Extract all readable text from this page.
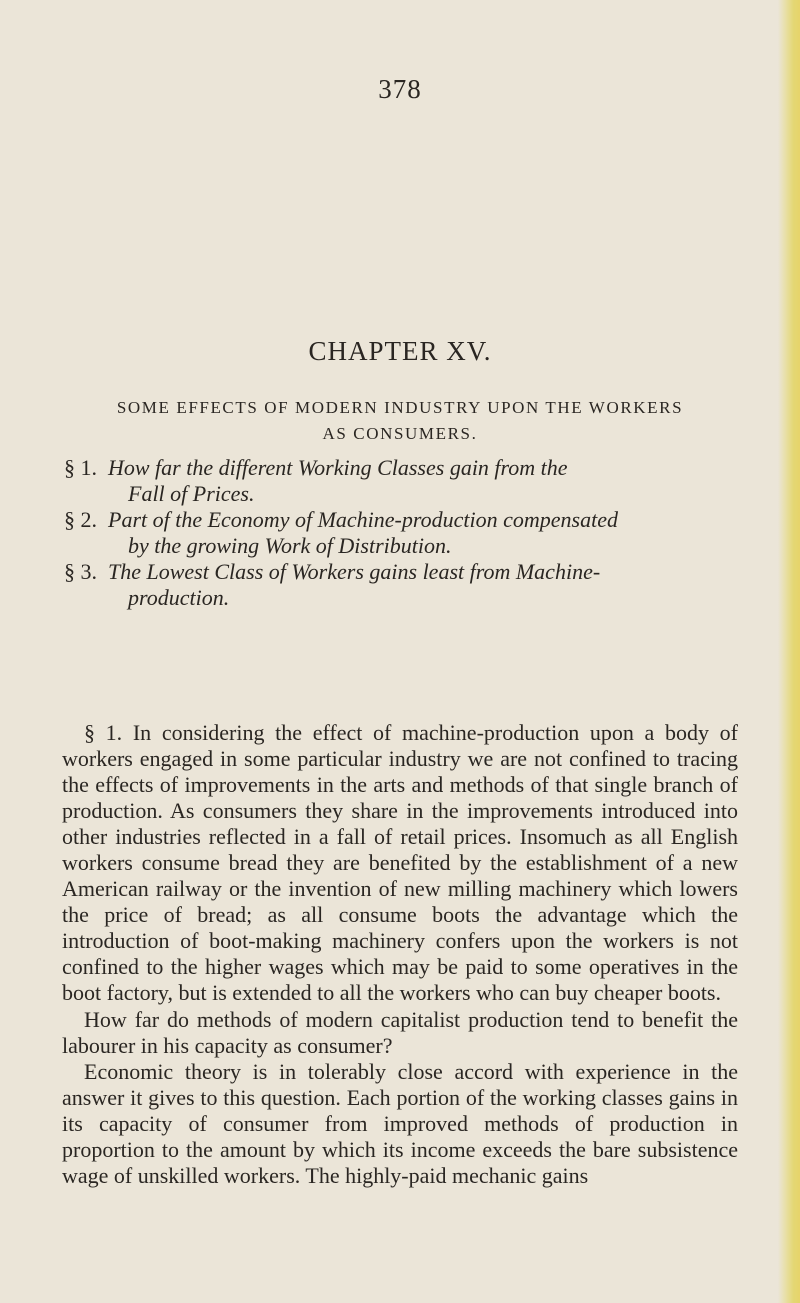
378
CHAPTER XV.
SOME EFFECTS OF MODERN INDUSTRY UPON THE WORKERS
AS CONSUMERS.
§ 1. How far the different Working Classes gain from the
Fall of Prices.
§ 2. Part of the Economy of Machine-production compensated
by the growing Work of Distribution.
§ 3. The Lowest Class of Workers gains least from Machine-
production.

§ 1. In considering the effect of machine-production upon a body of workers engaged in some particular industry we are not confined to tracing the effects of improvements in the arts and methods of that single branch of production. As consumers they share in the improvements introduced into other industries reflected in a fall of retail prices. Insomuch as all English workers consume bread they are benefited by the establishment of a new American railway or the invention of new milling machinery which lowers the price of bread; as all consume boots the advantage which the introduction of boot-making machinery confers upon the workers is not confined to the higher wages which may be paid to some operatives in the boot factory, but is extended to all the workers who can buy cheaper boots.

How far do methods of modern capitalist production tend to benefit the labourer in his capacity as consumer?

Economic theory is in tolerably close accord with experience in the answer it gives to this question. Each portion of the working classes gains in its capacity of consumer from improved methods of production in proportion to the amount by which its income exceeds the bare subsistence wage of unskilled workers. The highly-paid mechanic gains
